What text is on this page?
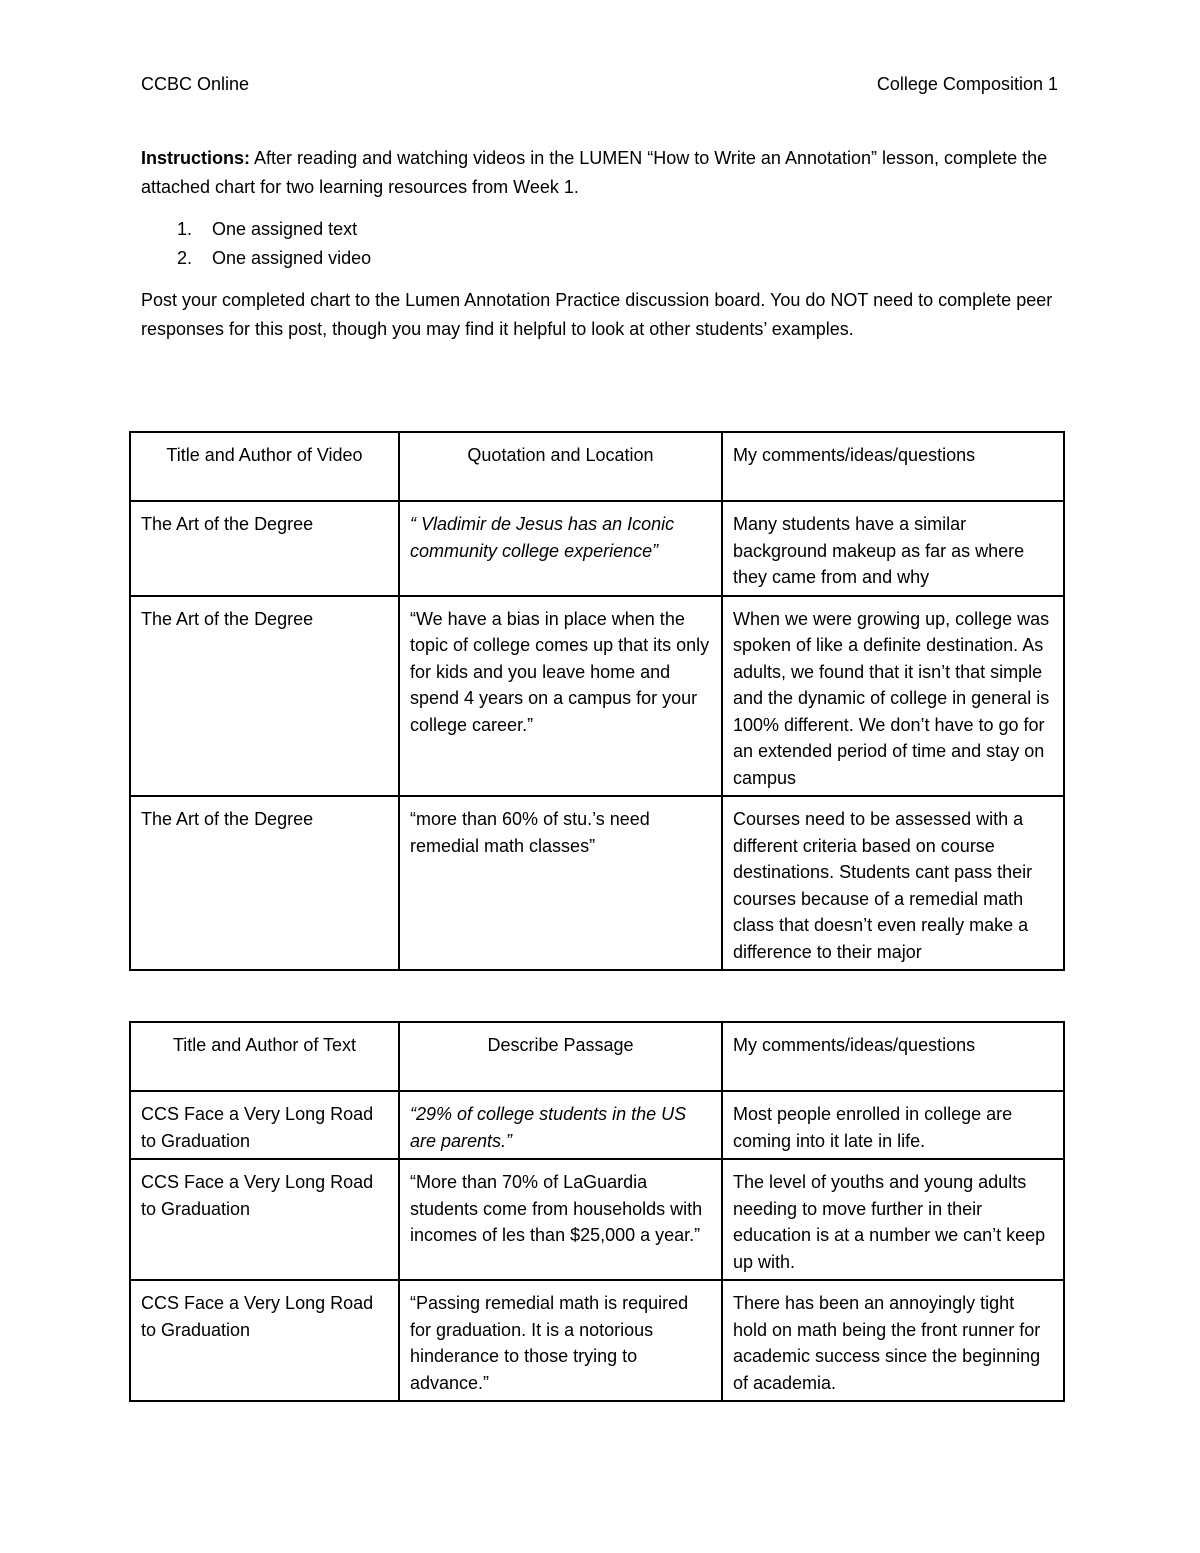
CCBC Online	College Composition 1

Instructions: After reading and watching videos in the LUMEN “How to Write an Annotation” lesson, complete the attached chart for two learning resources from Week 1.

1.	One assigned text
2.	One assigned video

Post your completed chart to the Lumen Annotation Practice discussion board. You do NOT need to complete peer responses for this post, though you may find it helpful to look at other students’ examples.

Title and Author of Video	Quotation and Location	My comments/ideas/questions
The Art of the Degree	“ Vladimir de Jesus has an Iconic community college experience”	Many students have a similar background makeup as far as where they came from and why
The Art of the Degree	“We have a bias in place when the topic of college comes up that its only for kids and you leave home and spend 4 years on a campus for your college career.”	When we were growing up, college was spoken of like a definite destination. As adults, we found that it isn’t that simple and the dynamic of college in general is 100% different. We don’t have to go for an extended period of time and stay on campus
The Art of the Degree	“more than 60% of stu.’s need remedial math classes”	Courses need to be assessed with a different criteria based on course destinations. Students cant pass their courses because of a remedial math class that doesn’t even really make a difference to their major
Title and Author of Text	Describe Passage	My comments/ideas/questions
CCS Face a Very Long Road to Graduation	“29% of college students in the US are parents.”	Most people enrolled in college are coming into it late in life.
CCS Face a Very Long Road to Graduation	“More than 70% of LaGuardia students come from households with incomes of les than $25,000 a year.”	The level of youths and young adults needing to move further in their education is at a number we can’t keep up with.
CCS Face a Very Long Road to Graduation	“Passing remedial math is required for graduation. It is a notorious hinderance to those trying to advance.”	There has been an annoyingly tight hold on math being the front runner for academic success since the beginning of academia.
